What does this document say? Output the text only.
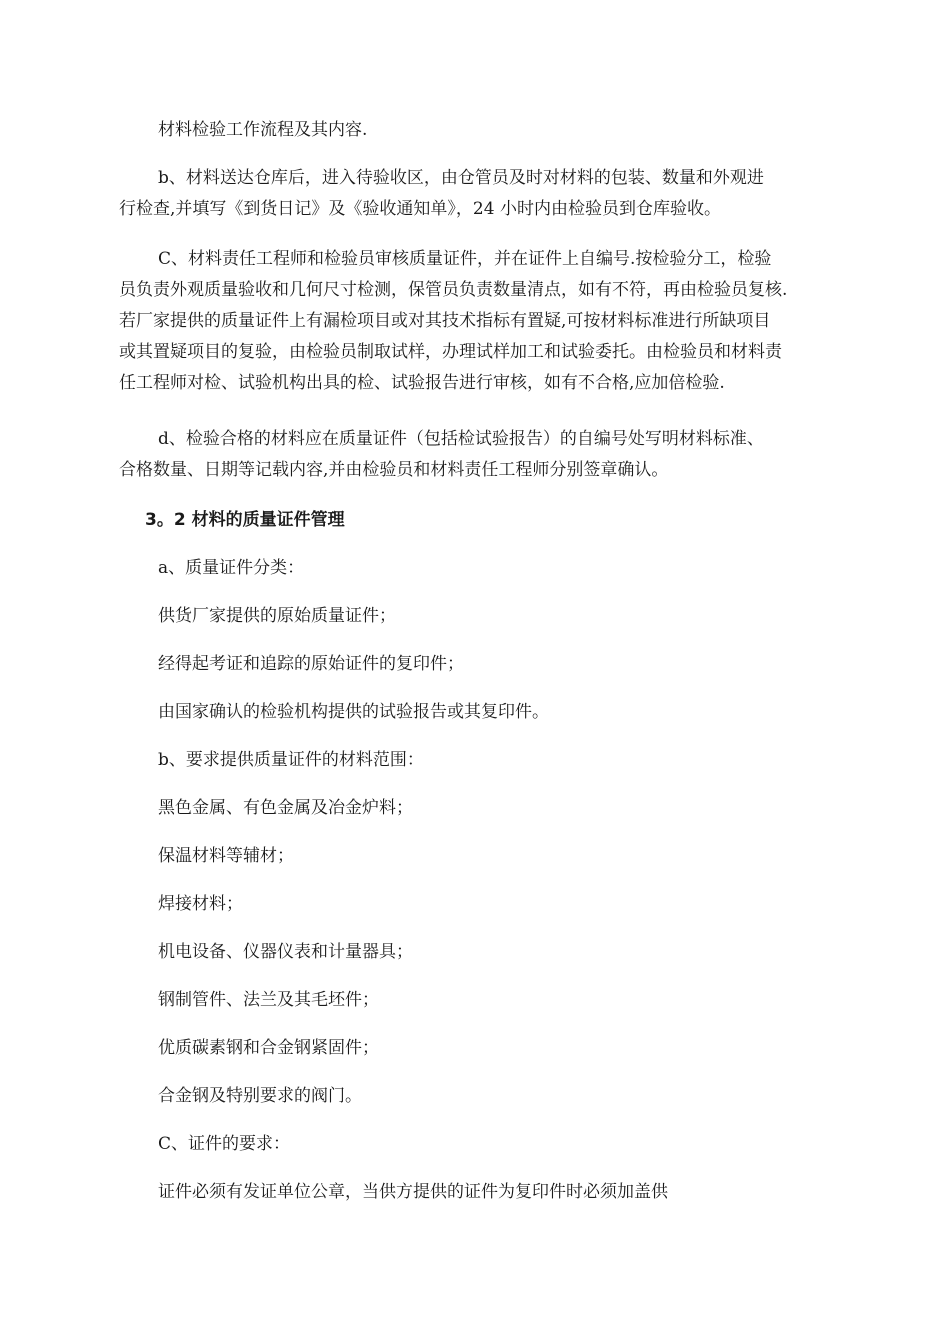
材料检验工作流程及其内容.

b、材料送达仓库后，进入待验收区，由仓管员及时对材料的包装、数量和外观进
行检查,并填写《到货日记》及《验收通知单》，24 小时内由检验员到仓库验收。

C、材料责任工程师和检验员审核质量证件，并在证件上自编号.按检验分工，检验
员负责外观质量验收和几何尺寸检测，保管员负责数量清点，如有不符，再由检验员复核.
若厂家提供的质量证件上有漏检项目或对其技术指标有置疑,可按材料标准进行所缺项目
或其置疑项目的复验，由检验员制取试样，办理试样加工和试验委托。由检验员和材料责
任工程师对检、试验机构出具的检、试验报告进行审核，如有不合格,应加倍检验.

d、检验合格的材料应在质量证件（包括检试验报告）的自编号处写明材料标准、
合格数量、日期等记载内容,并由检验员和材料责任工程师分别签章确认。

3。2 材料的质量证件管理

a、质量证件分类：

供货厂家提供的原始质量证件；

经得起考证和追踪的原始证件的复印件；

由国家确认的检验机构提供的试验报告或其复印件。

b、要求提供质量证件的材料范围：

黑色金属、有色金属及冶金炉料；

保温材料等辅材；

焊接材料；

机电设备、仪器仪表和计量器具；

钢制管件、法兰及其毛坯件；

优质碳素钢和合金钢紧固件；

合金钢及特别要求的阀门。

C、证件的要求：

证件必须有发证单位公章，当供方提供的证件为复印件时必须加盖供
